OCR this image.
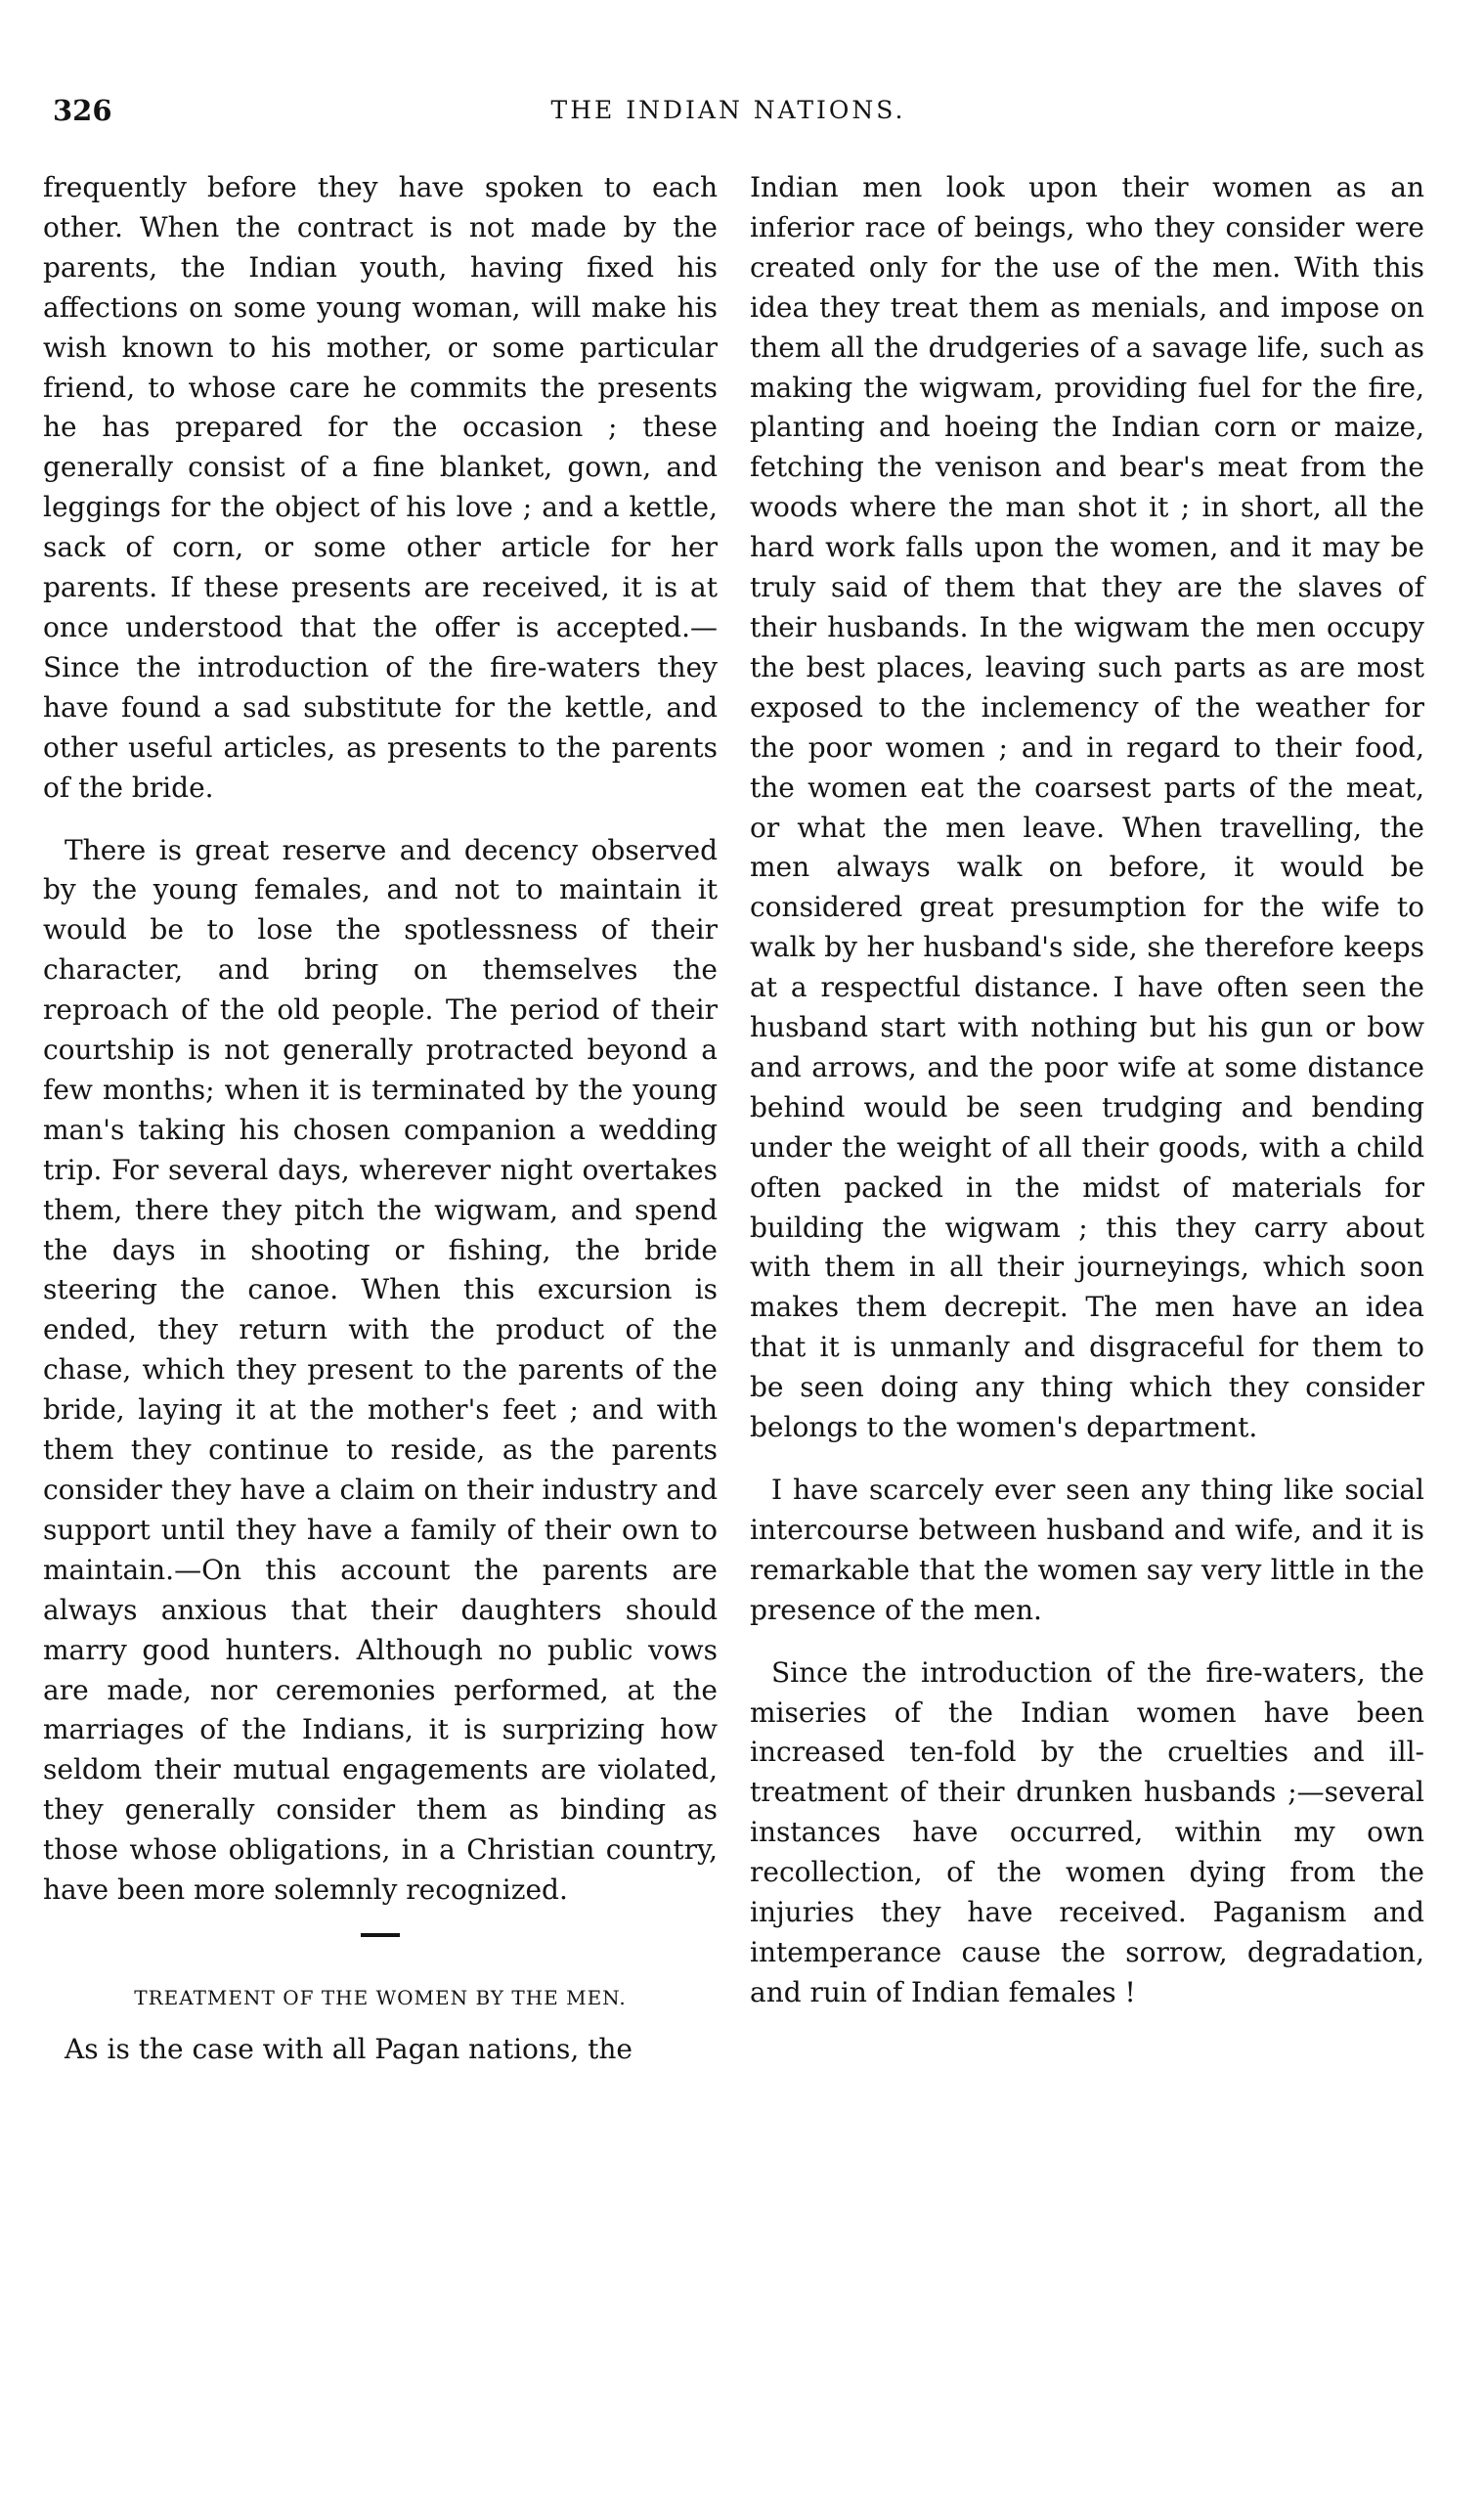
326	THE INDIAN NATIONS.

frequently before they have spoken to each other. When the contract is not made by the parents, the Indian youth, having fixed his affections on some young woman, will make his wish known to his mother, or some particular friend, to whose care he commits the presents he has prepared for the occasion ; these generally consist of a fine blanket, gown, and leggings for the object of his love ; and a kettle, sack of corn, or some other article for her parents. If these presents are received, it is at once understood that the offer is accepted.—Since the introduction of the fire-waters they have found a sad substitute for the kettle, and other useful articles, as presents to the parents of the bride.

There is great reserve and decency observed by the young females, and not to maintain it would be to lose the spotlessness of their character, and bring on themselves the reproach of the old people. The period of their courtship is not generally protracted beyond a few months; when it is terminated by the young man's taking his chosen companion a wedding trip. For several days, wherever night overtakes them, there they pitch the wigwam, and spend the days in shooting or fishing, the bride steering the canoe. When this excursion is ended, they return with the product of the chase, which they present to the parents of the bride, laying it at the mother's feet ; and with them they continue to reside, as the parents consider they have a claim on their industry and support until they have a family of their own to maintain.—On this account the parents are always anxious that their daughters should marry good hunters. Although no public vows are made, nor ceremonies performed, at the marriages of the Indians, it is surprizing how seldom their mutual engagements are violated, they generally consider them as binding as those whose obligations, in a Christian country, have been more solemnly recognized.

TREATMENT OF THE WOMEN BY THE MEN.

As is the case with all Pagan nations, the

Indian men look upon their women as an inferior race of beings, who they consider were created only for the use of the men. With this idea they treat them as menials, and impose on them all the drudgeries of a savage life, such as making the wigwam, providing fuel for the fire, planting and hoeing the Indian corn or maize, fetching the venison and bear's meat from the woods where the man shot it ; in short, all the hard work falls upon the women, and it may be truly said of them that they are the slaves of their husbands. In the wigwam the men occupy the best places, leaving such parts as are most exposed to the inclemency of the weather for the poor women ; and in regard to their food, the women eat the coarsest parts of the meat, or what the men leave. When travelling, the men always walk on before, it would be considered great presumption for the wife to walk by her husband's side, she therefore keeps at a respectful distance. I have often seen the husband start with nothing but his gun or bow and arrows, and the poor wife at some distance behind would be seen trudging and bending under the weight of all their goods, with a child often packed in the midst of materials for building the wigwam ; this they carry about with them in all their journeyings, which soon makes them decrepit. The men have an idea that it is unmanly and disgraceful for them to be seen doing any thing which they consider belongs to the women's department.

I have scarcely ever seen any thing like social intercourse between husband and wife, and it is remarkable that the women say very little in the presence of the men.

Since the introduction of the fire-waters, the miseries of the Indian women have been increased ten-fold by the cruelties and ill-treatment of their drunken husbands ;—several instances have occurred, within my own recollection, of the women dying from the injuries they have received. Paganism and intemperance cause the sorrow, degradation, and ruin of Indian females !
